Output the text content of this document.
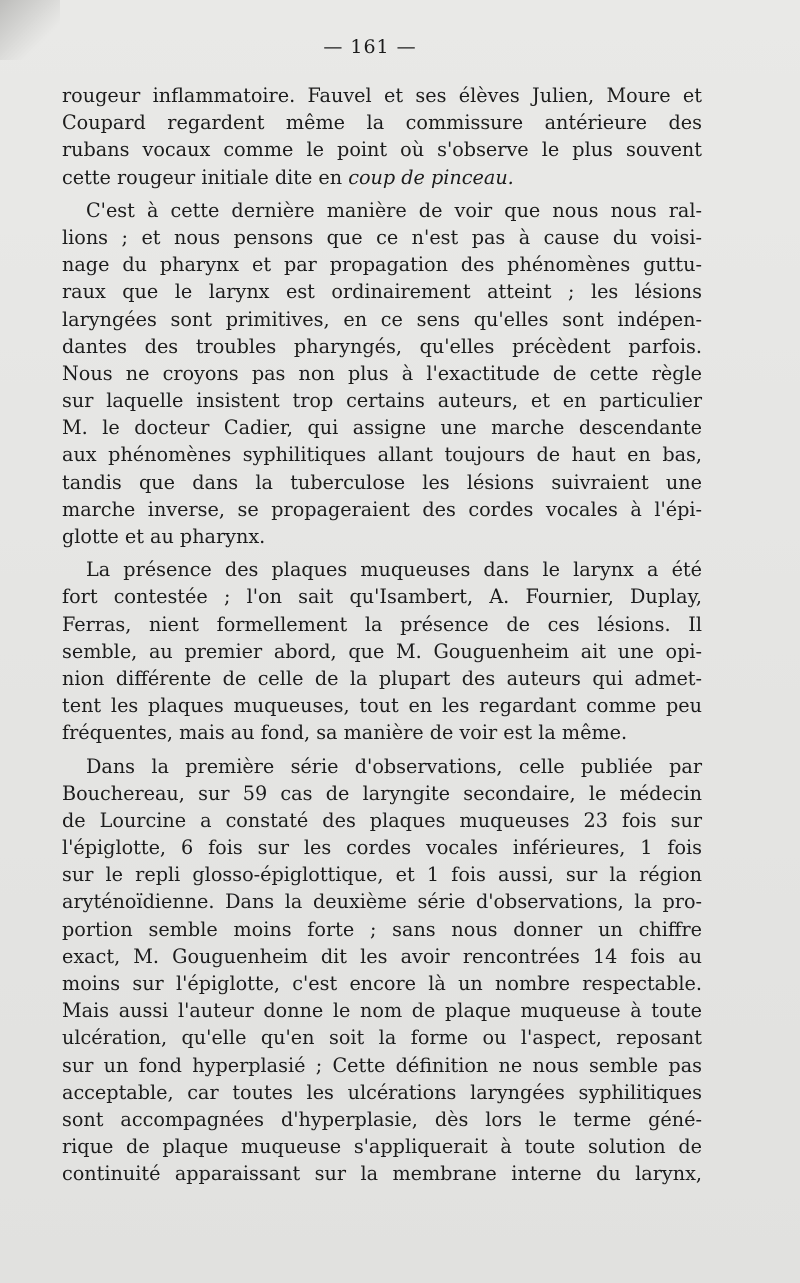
— 161 —
rougeur inflammatoire. Fauvel et ses élèves Julien, Moure et
Coupard regardent même la commissure antérieure des
rubans vocaux comme le point où s'observe le plus souvent
cette rougeur initiale dite en coup de pinceau.
C'est à cette dernière manière de voir que nous nous ral-
lions ; et nous pensons que ce n'est pas à cause du voisi-
nage du pharynx et par propagation des phénomènes guttu-
raux que le larynx est ordinairement atteint ; les lésions
laryngées sont primitives, en ce sens qu'elles sont indépen-
dantes des troubles pharyngés, qu'elles précèdent parfois.
Nous ne croyons pas non plus à l'exactitude de cette règle
sur laquelle insistent trop certains auteurs, et en particulier
M. le docteur Cadier, qui assigne une marche descendante
aux phénomènes syphilitiques allant toujours de haut en bas,
tandis que dans la tuberculose les lésions suivraient une
marche inverse, se propageraient des cordes vocales à l'épi-
glotte et au pharynx.
La présence des plaques muqueuses dans le larynx a été
fort contestée ; l'on sait qu'Isambert, A. Fournier, Duplay,
Ferras, nient formellement la présence de ces lésions. Il
semble, au premier abord, que M. Gouguenheim ait une opi-
nion différente de celle de la plupart des auteurs qui admet-
tent les plaques muqueuses, tout en les regardant comme peu
fréquentes, mais au fond, sa manière de voir est la même.
Dans la première série d'observations, celle publiée par
Bouchereau, sur 59 cas de laryngite secondaire, le médecin
de Lourcine a constaté des plaques muqueuses 23 fois sur
l'épiglotte, 6 fois sur les cordes vocales inférieures, 1 fois
sur le repli glosso-épiglottique, et 1 fois aussi, sur la région
aryténoïdienne. Dans la deuxième série d'observations, la pro-
portion semble moins forte ; sans nous donner un chiffre
exact, M. Gouguenheim dit les avoir rencontrées 14 fois au
moins sur l'épiglotte, c'est encore là un nombre respectable.
Mais aussi l'auteur donne le nom de plaque muqueuse à toute
ulcération, qu'elle qu'en soit la forme ou l'aspect, reposant
sur un fond hyperplasié ; Cette définition ne nous semble pas
acceptable, car toutes les ulcérations laryngées syphilitiques
sont accompagnées d'hyperplasie, dès lors le terme géné-
rique de plaque muqueuse s'appliquerait à toute solution de
continuité apparaissant sur la membrane interne du larynx,
